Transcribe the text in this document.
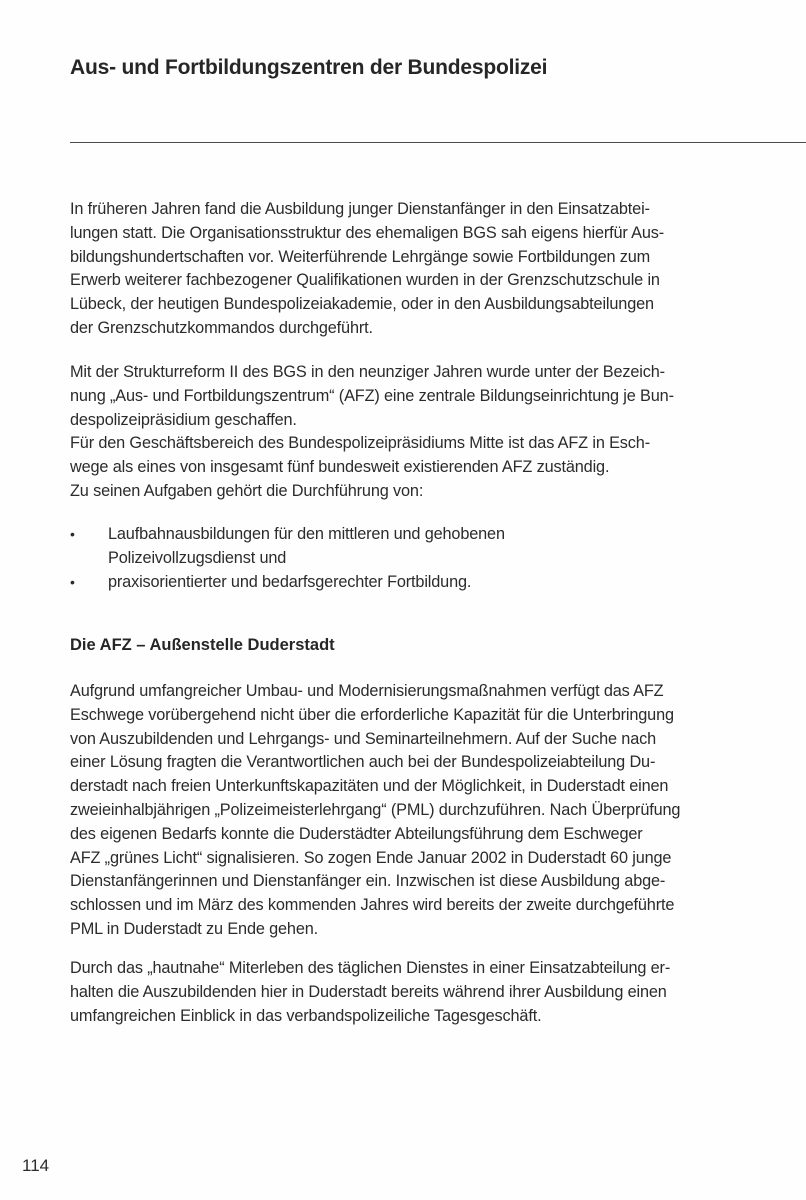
Aus- und Fortbildungszentren der Bundespolizei
In früheren Jahren fand die Ausbildung junger Dienstanfänger in den Einsatzabtei-
lungen statt. Die Organisationsstruktur des ehemaligen BGS sah eigens hierfür Aus-
bildungshundertschaften vor. Weiterführende Lehrgänge sowie Fortbildungen zum
Erwerb weiterer fachbezogener Qualifikationen wurden in der Grenzschutzschule in
Lübeck, der heutigen Bundespolizeiakademie, oder in den Ausbildungsabteilungen
der Grenzschutzkommandos durchgeführt.
Mit der Strukturreform II des BGS in den neunziger Jahren wurde unter der Bezeich-
nung „Aus- und Fortbildungszentrum“ (AFZ) eine zentrale Bildungseinrichtung je Bun-
despolizeipräsidium geschaffen.
Für den Geschäftsbereich des Bundespolizeipräsidiums Mitte ist das AFZ in Esch-
wege als eines von insgesamt fünf bundesweit existierenden AFZ zuständig.
Zu seinen Aufgaben gehört die Durchführung von:
• Laufbahnausbildungen für den mittleren und gehobenen
Polizeivollzugsdienst und
• praxisorientierter und bedarfsgerechter Fortbildung.
Die AFZ – Außenstelle Duderstadt
Aufgrund umfangreicher Umbau- und Modernisierungsmaßnahmen verfügt das AFZ
Eschwege vorübergehend nicht über die erforderliche Kapazität für die Unterbringung
von Auszubildenden und Lehrgangs- und Seminarteilnehmern. Auf der Suche nach
einer Lösung fragten die Verantwortlichen auch bei der Bundespolizeiabteilung Du-
derstadt nach freien Unterkunftskapazitäten und der Möglichkeit, in Duderstadt einen
zweieinhalbjährigen „Polizeimeisterlehrgang“ (PML) durchzuführen. Nach Überprüfung
des eigenen Bedarfs konnte die Duderstädter Abteilungsführung dem Eschweger
AFZ „grünes Licht“ signalisieren. So zogen Ende Januar 2002 in Duderstadt 60 junge
Dienstanfängerinnen und Dienstanfänger ein. Inzwischen ist diese Ausbildung abge-
schlossen und im März des kommenden Jahres wird bereits der zweite durchgeführte
PML in Duderstadt zu Ende gehen.
Durch das „hautnahe“ Miterleben des täglichen Dienstes in einer Einsatzabteilung er-
halten die Auszubildenden hier in Duderstadt bereits während ihrer Ausbildung einen
umfangreichen Einblick in das verbandspolizeiliche Tagesgeschäft.
114
